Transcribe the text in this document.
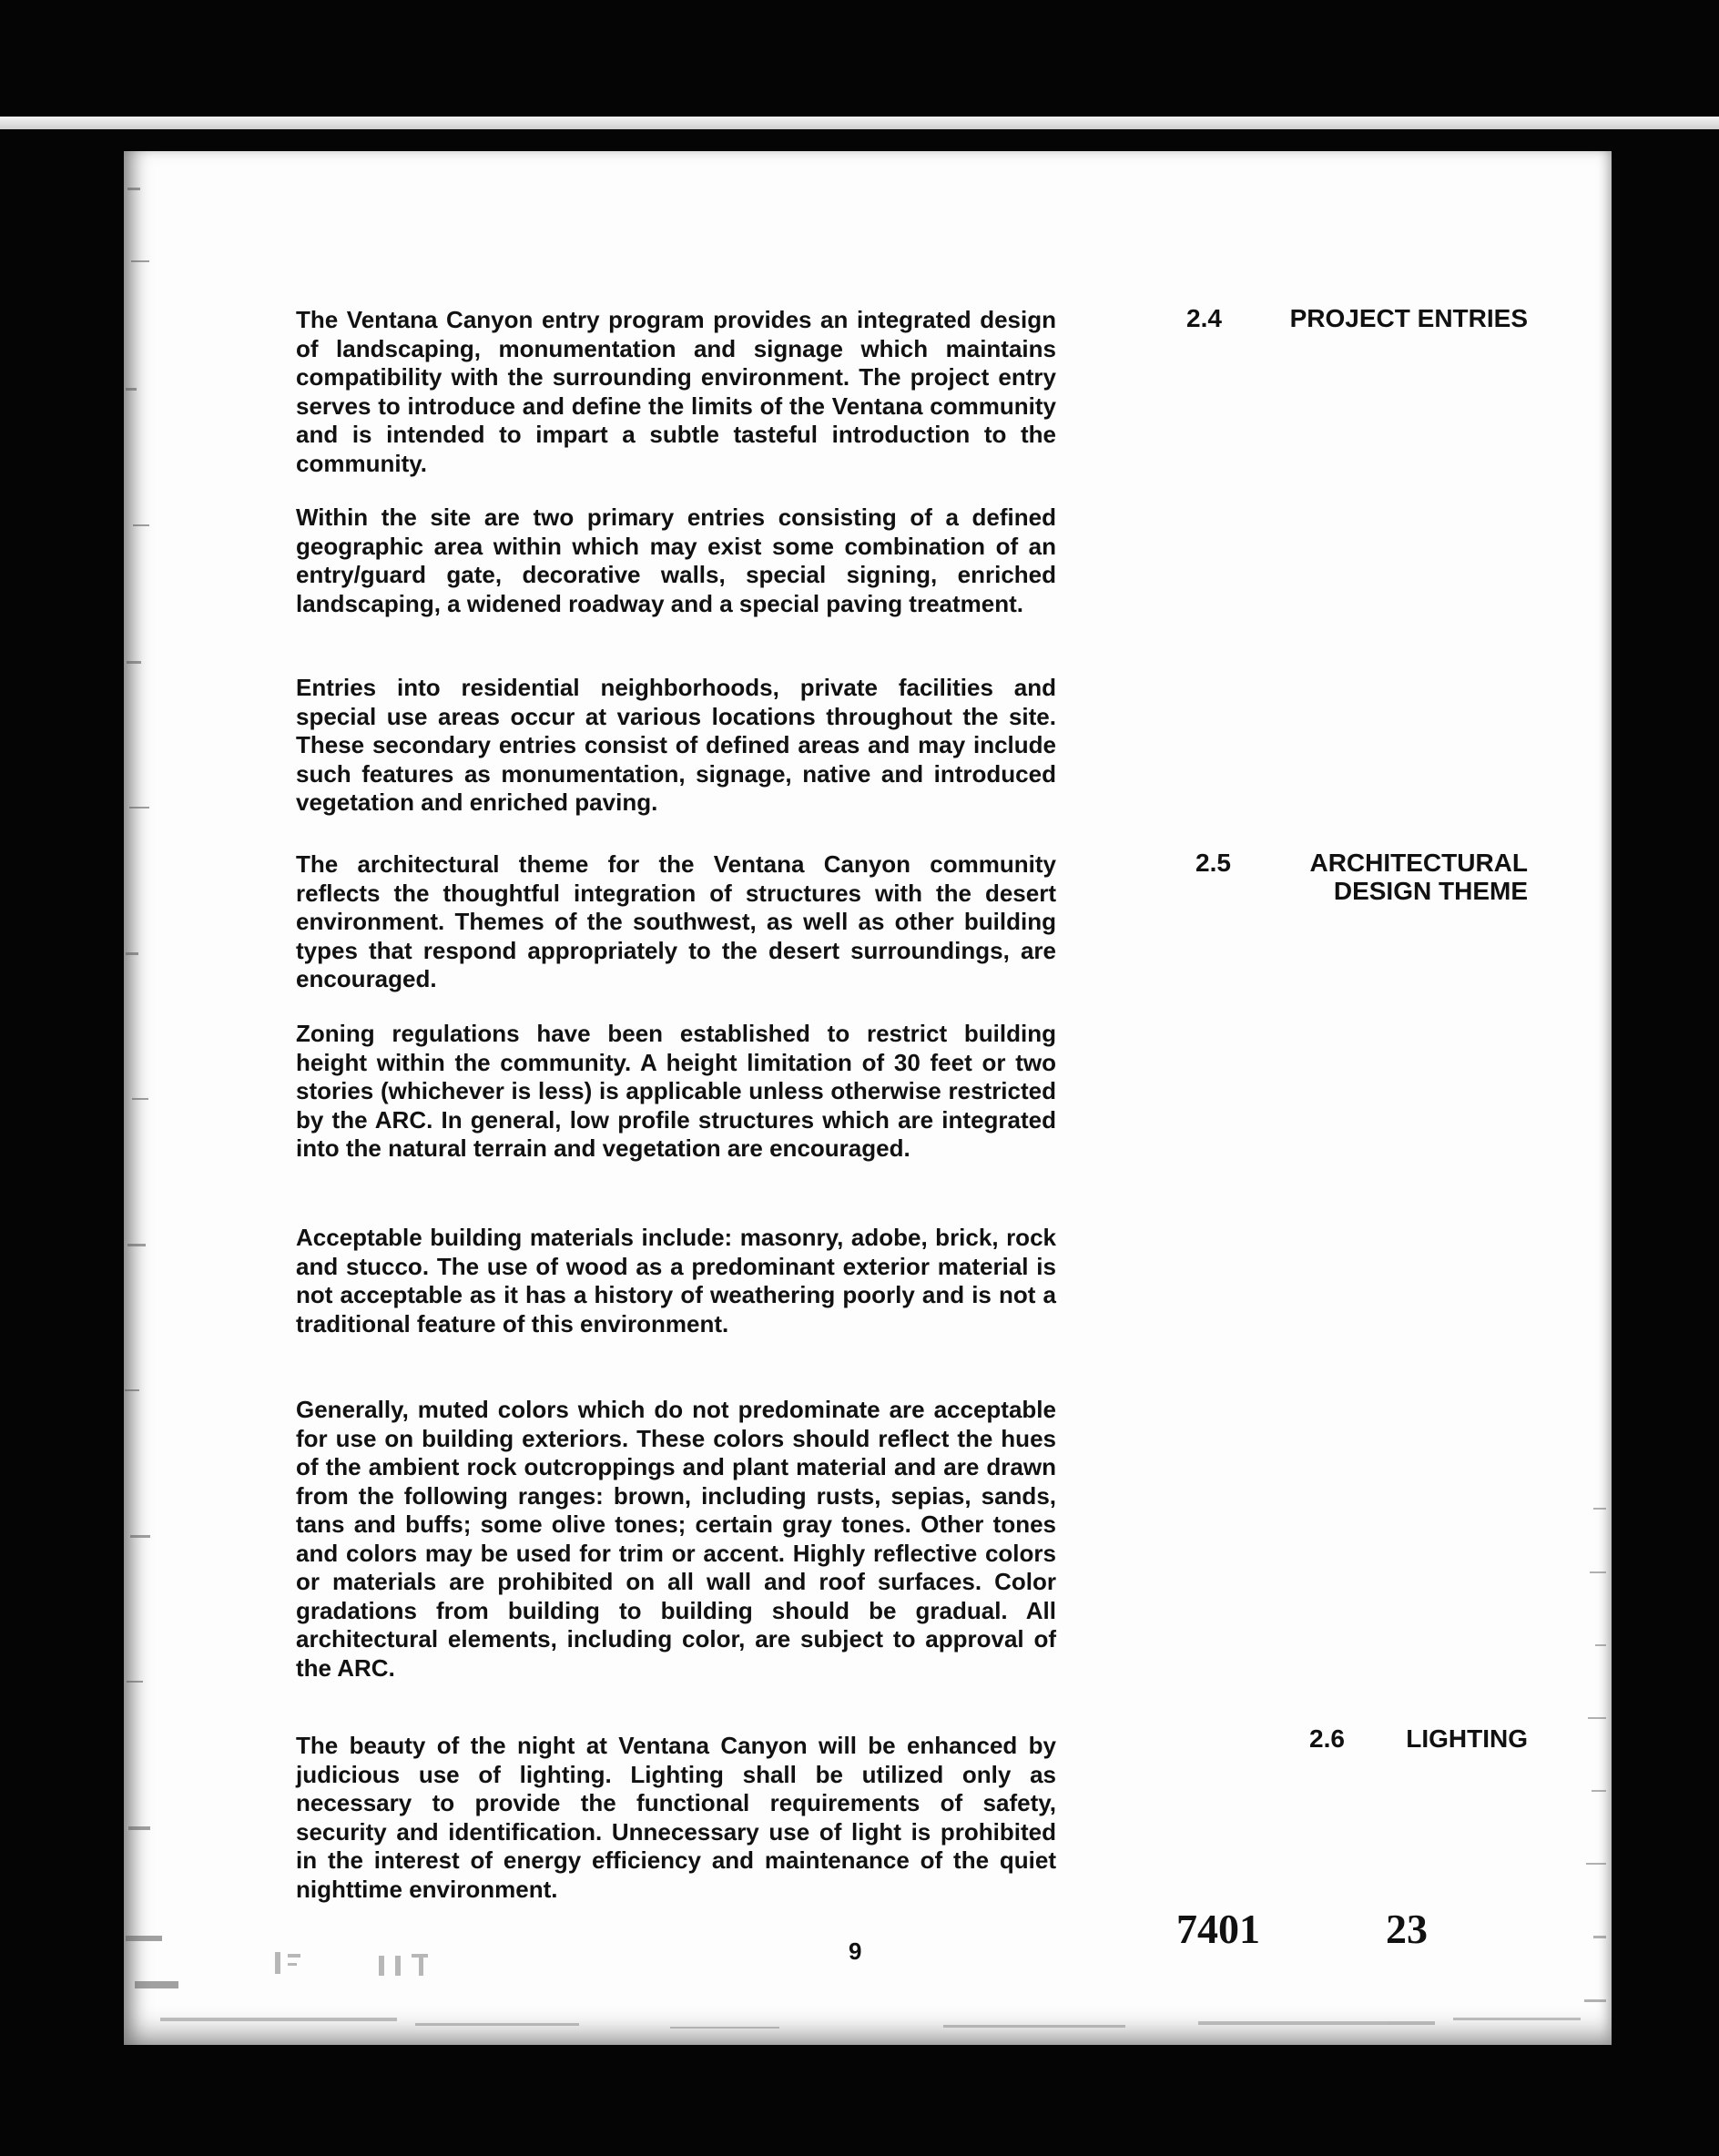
The Ventana Canyon entry program provides an integrated design of landscaping, monumentation and signage which maintains compatibility with the surrounding environment. The project entry serves to introduce and define the limits of the Ventana community and is intended to impart a subtle tasteful introduction to the community.

Within the site are two primary entries consisting of a defined geographic area within which may exist some combination of an entry/guard gate, decorative walls, special signing, enriched landscaping, a widened roadway and a special paving treatment.

Entries into residential neighborhoods, private facilities and special use areas occur at various locations throughout the site. These secondary entries consist of defined areas and may include such features as monumentation, signage, native and introduced vegetation and enriched paving.

The architectural theme for the Ventana Canyon community reflects the thoughtful integration of structures with the desert environment. Themes of the southwest, as well as other building types that respond appropriately to the desert surroundings, are encouraged.

Zoning regulations have been established to restrict building height within the community. A height limitation of 30 feet or two stories (whichever is less) is applicable unless otherwise restricted by the ARC. In general, low profile structures which are integrated into the natural terrain and vegetation are encouraged.

Acceptable building materials include: masonry, adobe, brick, rock and stucco. The use of wood as a predominant exterior material is not acceptable as it has a history of weathering poorly and is not a traditional feature of this environment.

Generally, muted colors which do not predominate are acceptable for use on building exteriors. These colors should reflect the hues of the ambient rock outcroppings and plant material and are drawn from the following ranges: brown, including rusts, sepias, sands, tans and buffs; some olive tones; certain gray tones. Other tones and colors may be used for trim or accent. Highly reflective colors or materials are prohibited on all wall and roof surfaces. Color gradations from building to building should be gradual. All architectural elements, including color, are subject to approval of the ARC.

The beauty of the night at Ventana Canyon will be enhanced by judicious use of lighting. Lighting shall be utilized only as necessary to provide the functional requirements of safety, security and identification. Unnecessary use of light is prohibited in the interest of energy efficiency and maintenance of the quiet nighttime environment.

2.4	PROJECT ENTRIES
2.5	ARCHITECTURAL
DESIGN THEME
2.6 LIGHTING
9	7401	23
